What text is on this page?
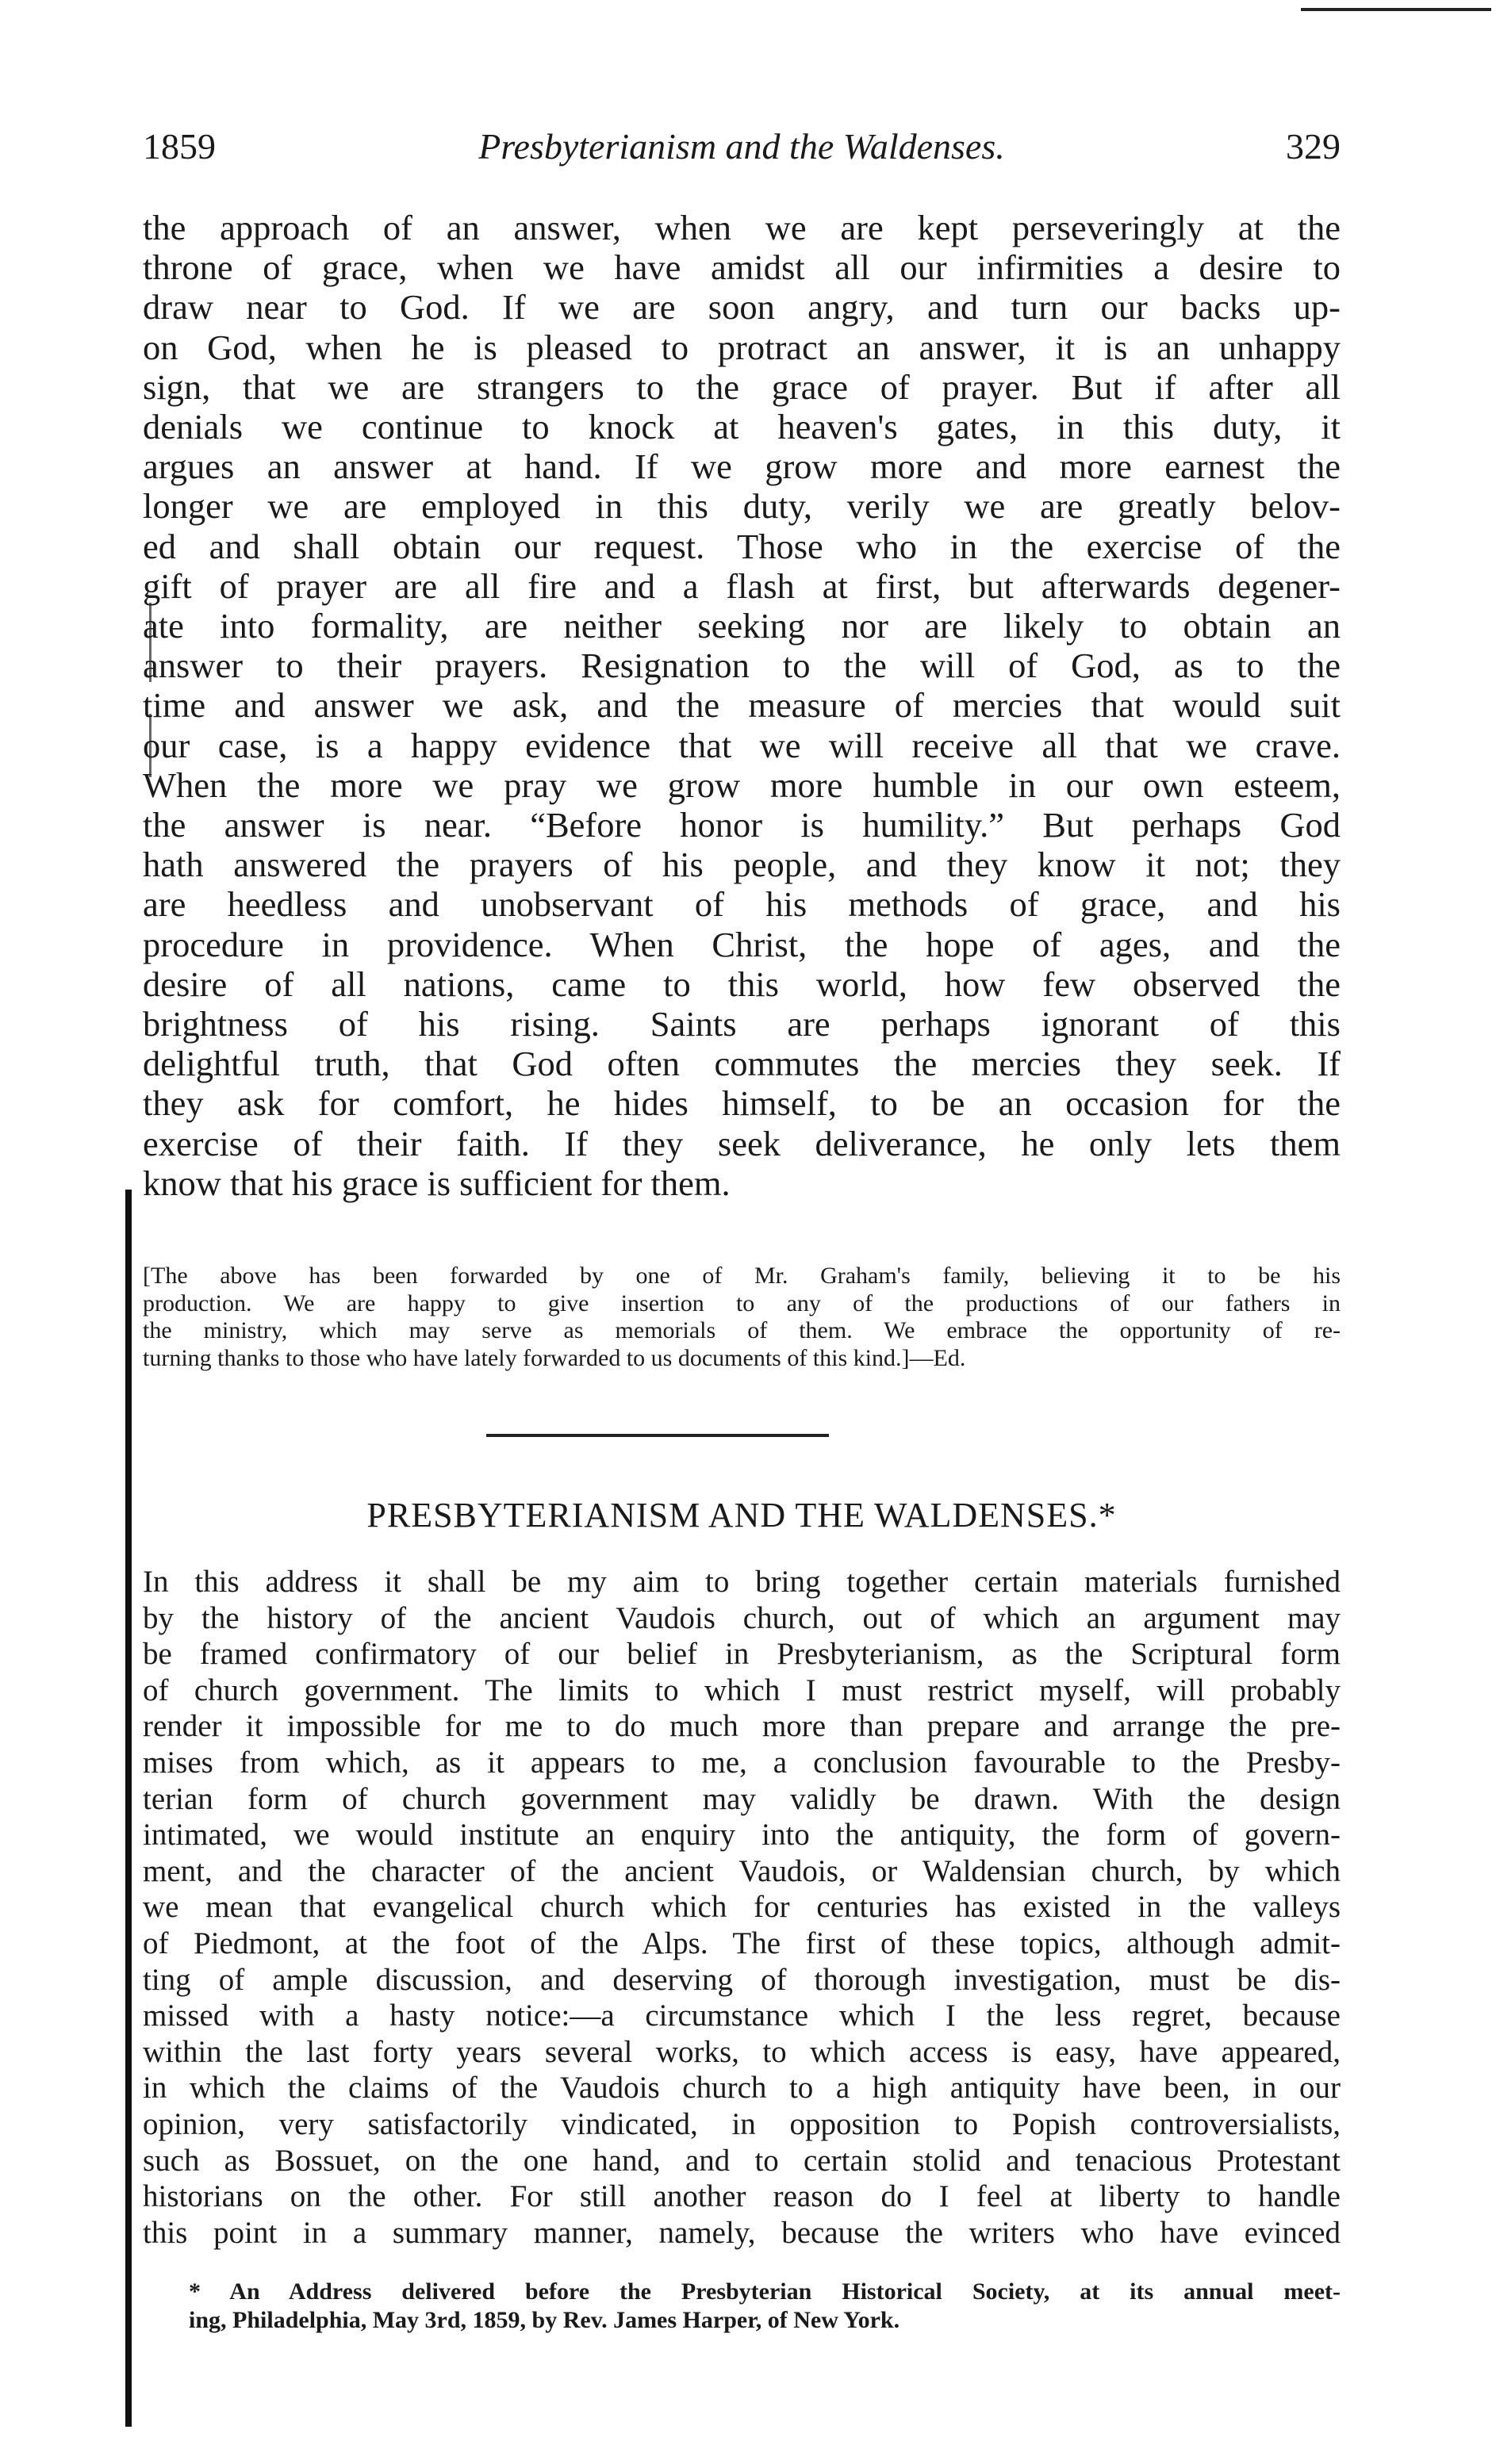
1859	Presbyterianism and the Waldenses.	329
the approach of an answer, when we are kept perseveringly at the
throne of grace, when we have amidst all our infirmities a desire to
draw near to God. If we are soon angry, and turn our backs up-
on God, when he is pleased to protract an answer, it is an unhappy
sign, that we are strangers to the grace of prayer. But if after all
denials we continue to knock at heaven's gates, in this duty, it
argues an answer at hand. If we grow more and more earnest the
longer we are employed in this duty, verily we are greatly belov-
ed and shall obtain our request. Those who in the exercise of the
gift of prayer are all fire and a flash at first, but afterwards degener-
ate into formality, are neither seeking nor are likely to obtain an
answer to their prayers. Resignation to the will of God, as to the
time and answer we ask, and the measure of mercies that would suit
our case, is a happy evidence that we will receive all that we crave.
When the more we pray we grow more humble in our own esteem,
the answer is near. “Before honor is humility.” But perhaps God
hath answered the prayers of his people, and they know it not; they
are heedless and unobservant of his methods of grace, and his
procedure in providence. When Christ, the hope of ages, and the
desire of all nations, came to this world, how few observed the
brightness of his rising. Saints are perhaps ignorant of this
delightful truth, that God often commutes the mercies they seek. If
they ask for comfort, he hides himself, to be an occasion for the
exercise of their faith. If they seek deliverance, he only lets them
know that his grace is sufficient for them.
[The above has been forwarded by one of Mr. Graham's family, believing it to be his
production. We are happy to give insertion to any of the productions of our fathers in
the ministry, which may serve as memorials of them. We embrace the opportunity of re-
turning thanks to those who have lately forwarded to us documents of this kind.]—Ed.
PRESBYTERIANISM AND THE WALDENSES.*
In this address it shall be my aim to bring together certain materials furnished
by the history of the ancient Vaudois church, out of which an argument may
be framed confirmatory of our belief in Presbyterianism, as the Scriptural form
of church government. The limits to which I must restrict myself, will probably
render it impossible for me to do much more than prepare and arrange the pre-
mises from which, as it appears to me, a conclusion favourable to the Presby-
terian form of church government may validly be drawn. With the design
intimated, we would institute an enquiry into the antiquity, the form of govern-
ment, and the character of the ancient Vaudois, or Waldensian church, by which
we mean that evangelical church which for centuries has existed in the valleys
of Piedmont, at the foot of the Alps. The first of these topics, although admit-
ting of ample discussion, and deserving of thorough investigation, must be dis-
missed with a hasty notice:—a circumstance which I the less regret, because
within the last forty years several works, to which access is easy, have appeared,
in which the claims of the Vaudois church to a high antiquity have been, in our
opinion, very satisfactorily vindicated, in opposition to Popish controversialists,
such as Bossuet, on the one hand, and to certain stolid and tenacious Protestant
historians on the other. For still another reason do I feel at liberty to handle
this point in a summary manner, namely, because the writers who have evinced
* An Address delivered before the Presbyterian Historical Society, at its annual meet-
ing, Philadelphia, May 3rd, 1859, by Rev. James Harper, of New York.
